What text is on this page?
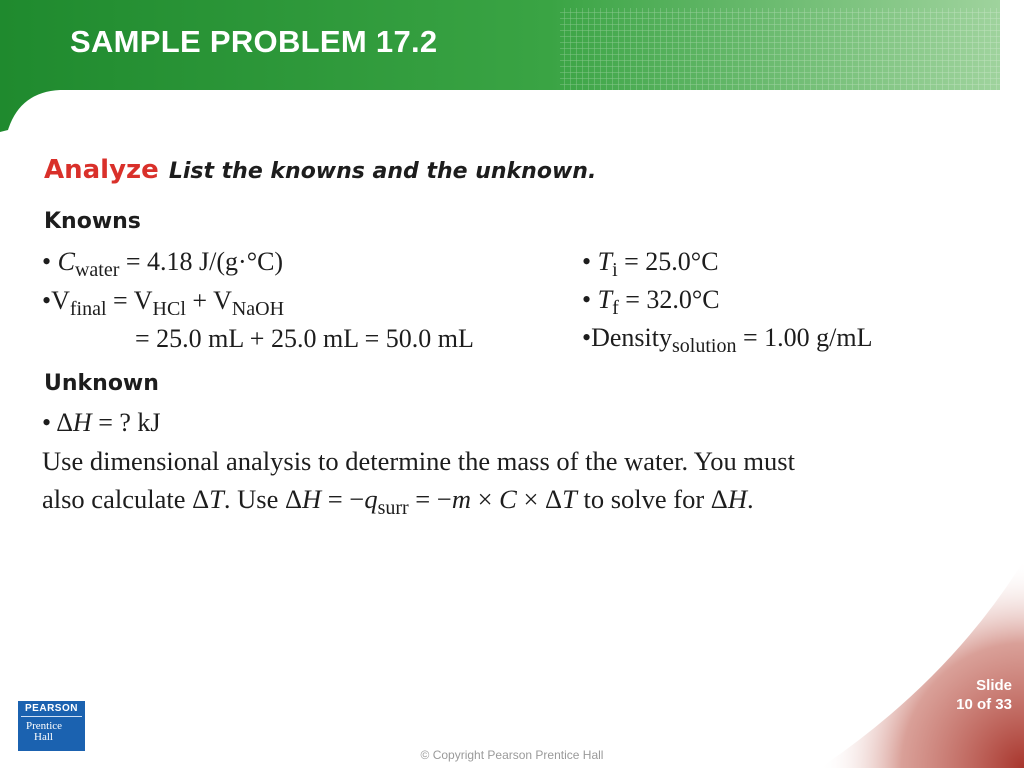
SAMPLE PROBLEM 17.2
Analyze List the knowns and the unknown.
Knowns
• $C_{water} = 4.18$ J/(g·°C)
$•V_{final} = V_{HCl} + V_{NaOH}$
= 25.0 mL + 25.0 mL = 50.0 mL
• $T_i = 25.0^\circ C$
• $T_f = 32.0^\circ C$
•Density$_{solution}$ = 1.00 g/mL
Unknown
• ΔH = ? kJ
Use dimensional analysis to determine the mass of the water. You must
also calculate ΔT. Use $\Delta H = -q_{surr} = -m \times C \times \Delta T$ to solve for ΔH.
PEARSON
Prentice
Hall
© Copyright Pearson Prentice Hall
Slide
10 of 33
